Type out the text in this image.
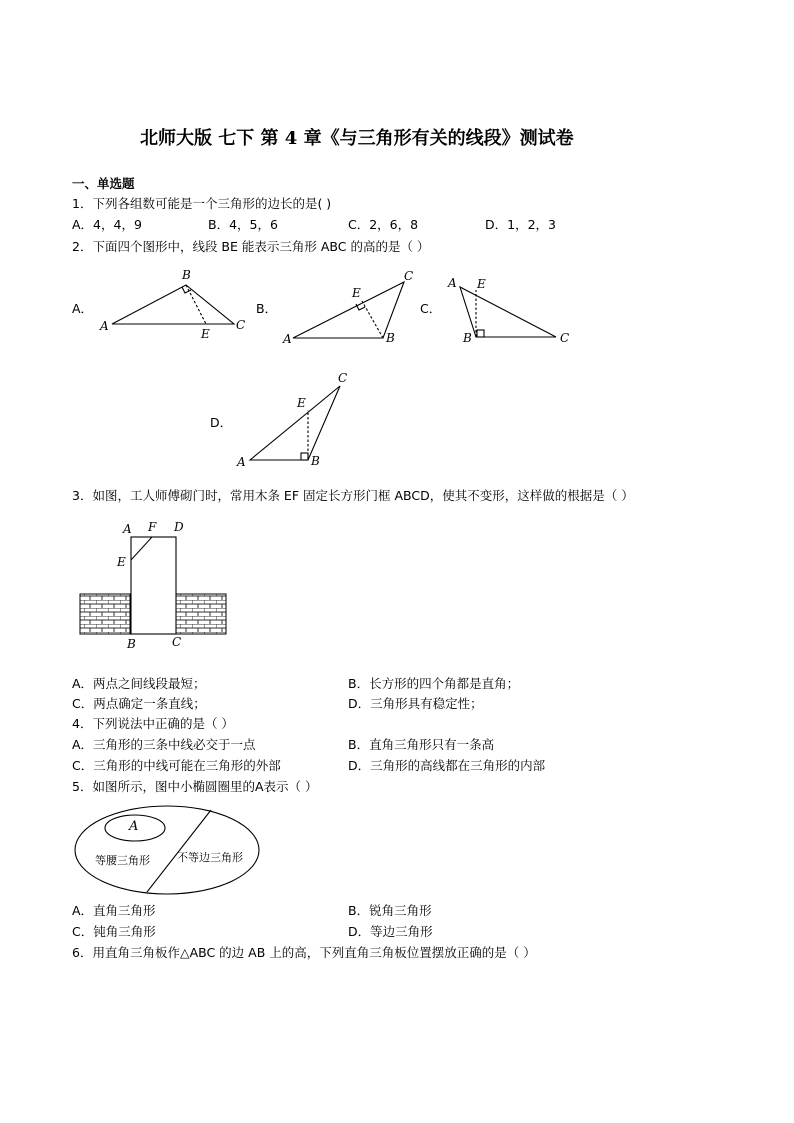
北师大版 七下 第 4 章《与三角形有关的线段》测试卷
一、单选题
1．下列各组数可能是一个三角形的边长的是( )
A．4，4，9	B．4，5，6	C．2，6，8	D．1，2，3
2．下面四个图形中，线段 BE 能表示三角形 ABC 的高的是（ ）
A．	B．	C．
D．
A
B
C
E	A	B
C
E
A
B	C
E
A	B
C
E
3．如图，工人师傅砌门时，常用木条 EF 固定长方形门框 ABCD，使其不变形，这样做的根据是（ ）
A F D
E
B	C
A．两点之间线段最短；	B．长方形的四个角都是直角；
C．两点确定一条直线；	D．三角形具有稳定性；
4．下列说法中正确的是（ ）
A．三角形的三条中线必交于一点	B．直角三角形只有一条高
C．三角形的中线可能在三角形的外部	D．三角形的高线都在三角形的内部
5．如图所示，图中小椭圆圈里的A表示（ ）
A
等腰三角形 不等边三角形
A．直角三角形	B．锐角三角形
C．钝角三角形	D．等边三角形
6．用直角三角板作△ABC 的边 AB 上的高，下列直角三角板位置摆放正确的是（ ）
